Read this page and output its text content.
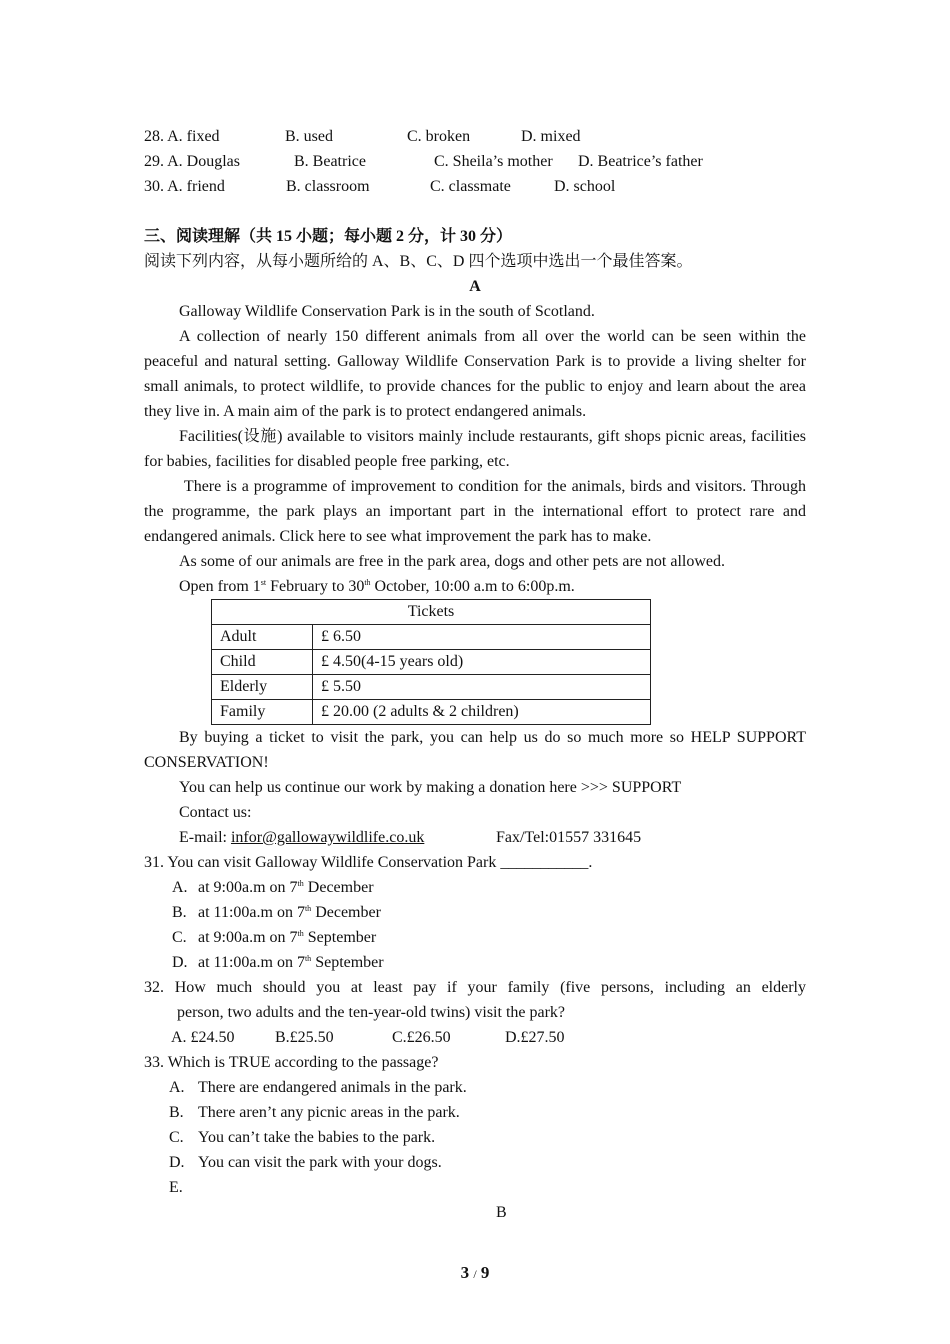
28. A. fixed	B. used	C. broken	D. mixed
29. A. Douglas	B. Beatrice	C. Sheila’s mother D. Beatrice’s father
30. A. friend	B. classroom	C. classmate	D. school
三、阅读理解（共 15 小题；每小题 2 分，计 30 分）
阅读下列内容，从每小题所给的 A、B、C、D 四个选项中选出一个最佳答案。
A

Galloway Wildlife Conservation Park is in the south of Scotland.

A collection of nearly 150 different animals from all over the world can be seen within the peaceful and natural setting. Galloway Wildlife Conservation Park is to provide a living shelter for small animals, to protect wildlife, to provide chances for the public to enjoy and learn about the area they live in. A main aim of the park is to protect endangered animals.

Facilities(设施) available to visitors mainly include restaurants, gift shops picnic areas, facilities for babies, facilities for disabled people free parking, etc.

There is a programme of improvement to condition for the animals, birds and visitors. Through the programme, the park plays an important part in the international effort to protect rare and endangered animals. Click here to see what improvement the park has to make.

As some of our animals are free in the park area, dogs and other pets are not allowed.

Open from 1st February to 30th October, 10:00 a.m to 6:00p.m.

Tickets	
Adult	£ 6.50
Child	£ 4.50(4-15 years old)
Elderly	£ 5.50
Family	£ 20.00 (2 adults & 2 children)

By buying a ticket to visit the park, you can help us do so much more so HELP SUPPORT CONSERVATION!

You can help us continue our work by making a donation here >>> SUPPORT

Contact us:

E-mail: infor@gallowaywildlife.co.uk	Fax/Tel:01557 331645
31. You can visit Galloway Wildlife Conservation Park ___________.
A. at 9:00a.m on 7th December
B. at 11:00a.m on 7th December
C. at 9:00a.m on 7th September
D. at 11:00a.m on 7th September
32. How much should you at least pay if your family (five persons, including an elderly
person, two adults and the ten-year-old twins) visit the park?
A. £24.50	B.£25.50	C.£26.50	D.£27.50
33. Which is TRUE according to the passage?
A. There are endangered animals in the park.
B. There aren’t any picnic areas in the park.
C. You can’t take the babies to the park.
D. You can visit the park with your dogs.
E.
B
3 / 9
